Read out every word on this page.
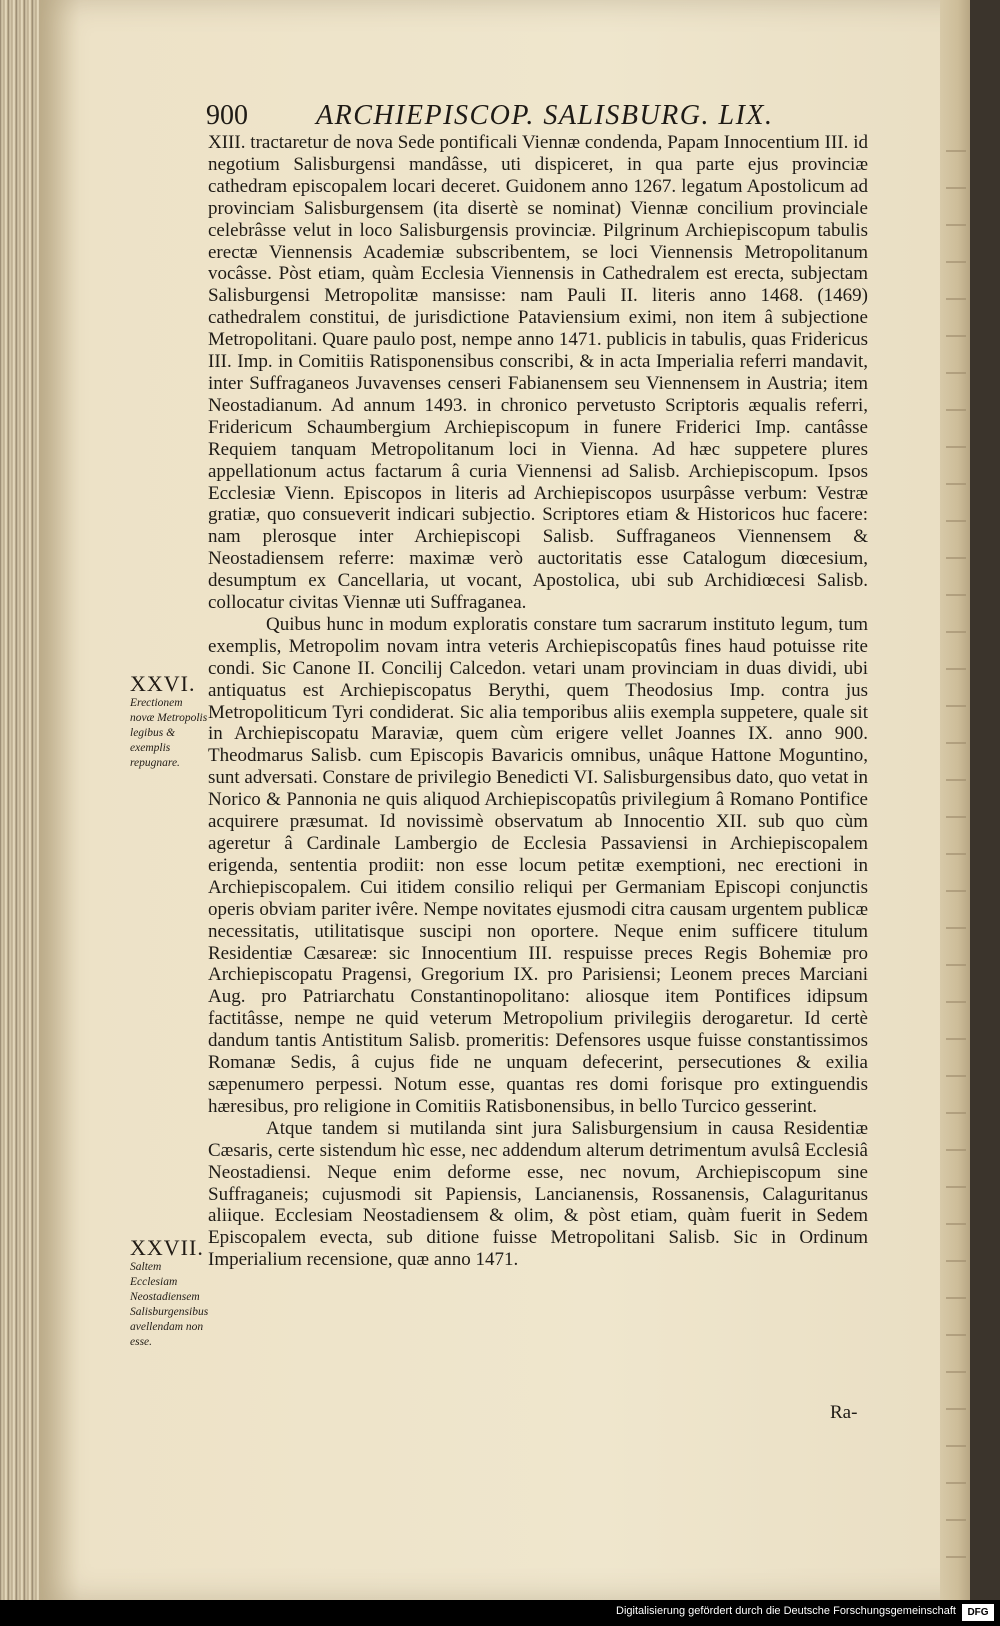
900 ARCHIEPISCOP. SALISBURG. LIX.

XIII. tractaretur de nova Sede pontificali Viennæ condenda, Papam Innocentium III. id negotium Salisburgensi mandâsse, uti dispiceret, in qua parte ejus provinciæ cathedram episcopalem locari deceret. Guidonem anno 1267. legatum Apostolicum ad provinciam Salisburgensem (ita disertè se nominat) Viennæ concilium provinciale celebrâsse velut in loco Salisburgensis provinciæ. Pilgrinum Archiepiscopum tabulis erectæ Viennensis Academiæ subscribentem, se loci Viennensis Metropolitanum vocâsse. Pòst etiam, quàm Ecclesia Viennensis in Cathedralem est erecta, subjectam Salisburgensi Metropolitæ mansisse: nam Pauli II. literis anno 1468. (1469) cathedralem constitui, de jurisdictione Pataviensium eximi, non item â subjectione Metropolitani. Quare paulo post, nempe anno 1471. publicis in tabulis, quas Fridericus III. Imp. in Comitiis Ratisponensibus conscribi, & in acta Imperialia referri mandavit, inter Suffraganeos Juvavenses censeri Fabianensem seu Viennensem in Austria; item Neostadianum. Ad annum 1493. in chronico pervetusto Scriptoris æqualis referri, Fridericum Schaumbergium Archiepiscopum in funere Friderici Imp. cantâsse Requiem tanquam Metropolitanum loci in Vienna. Ad hæc suppetere plures appellationum actus factarum â curia Viennensi ad Salisb. Archiepiscopum. Ipsos Ecclesiæ Vienn. Episcopos in literis ad Archiepiscopos usurpâsse verbum: Vestræ gratiæ, quo consueverit indicari subjectio. Scriptores etiam & Historicos huc facere: nam plerosque inter Archiepiscopi Salisb. Suffraganeos Viennensem & Neostadiensem referre: maximæ verò auctoritatis esse Catalogum diœcesium, desumptum ex Cancellaria, ut vocant, Apostolica, ubi sub Archidiœcesi Salisb. collocatur civitas Viennæ uti Suffraganea.

Quibus hunc in modum exploratis constare tum sacrarum instituto legum, tum exemplis, Metropolim novam intra veteris Archiepiscopatûs fines haud potuisse rite condi. Sic Canone II. Concilij Calcedon. vetari unam provinciam in duas dividi, ubi antiquatus est Archiepiscopatus Berythi, quem Theodosius Imp. contra jus Metropoliticum Tyri condiderat. Sic alia temporibus aliis exempla suppetere, quale sit in Archiepiscopatu Maraviæ, quem cùm erigere vellet Joannes IX. anno 900. Theodmarus Salisb. cum Episcopis Bavaricis omnibus, unâque Hattone Moguntino, sunt adversati. Constare de privilegio Benedicti VI. Salisburgensibus dato, quo vetat in Norico & Pannonia ne quis aliquod Archiepiscopatûs privilegium â Romano Pontifice acquirere præsumat. Id novissimè observatum ab Innocentio XII. sub quo cùm ageretur â Cardinale Lambergio de Ecclesia Passaviensi in Archiepiscopalem erigenda, sententia prodiit: non esse locum petitæ exemptioni, nec erectioni in Archiepiscopalem. Cui itidem consilio reliqui per Germaniam Episcopi conjunctis operis obviam pariter ivêre. Nempe novitates ejusmodi citra causam urgentem publicæ necessitatis, utilitatisque suscipi non oportere. Neque enim sufficere titulum Residentiæ Cæsareæ: sic Innocentium III. respuisse preces Regis Bohemiæ pro Archiepiscopatu Pragensi, Gregorium IX. pro Parisiensi; Leonem preces Marciani Aug. pro Patriarchatu Constantinopolitano: aliosque item Pontifices idipsum factitâsse, nempe ne quid veterum Metropolium privilegiis derogaretur. Id certè dandum tantis Antistitum Salisb. promeritis: Defensores usque fuisse constantissimos Romanæ Sedis, â cujus fide ne unquam defecerint, persecutiones & exilia sæpenumero perpessi. Notum esse, quantas res domi forisque pro extinguendis hæresibus, pro religione in Comitiis Ratisbonensibus, in bello Turcico gesserint.

Atque tandem si mutilanda sint jura Salisburgensium in causa Residentiæ Cæsaris, certe sistendum hìc esse, nec addendum alterum detrimentum avulsâ Ecclesiâ Neostadiensi. Neque enim deforme esse, nec novum, Archiepiscopum sine Suffraganeis; cujusmodi sit Papiensis, Lancianensis, Rossanensis, Calaguritanus aliique. Ecclesiam Neostadiensem & olim, & pòst etiam, quàm fuerit in Sedem Episcopalem evecta, sub ditione fuisse Metropolitani Salisb. Sic in Ordinum Imperialium recensione, quæ anno 1471.

XXVI.
Erectionem novæ Metropolis legibus & exemplis repugnare.
XXVII.
Saltem Ecclesiam Neostadiensem Salisburgensibus avellendam non esse.
Ra-
Digitalisierung gefördert durch die Deutsche Forschungsgemeinschaft	DFG
